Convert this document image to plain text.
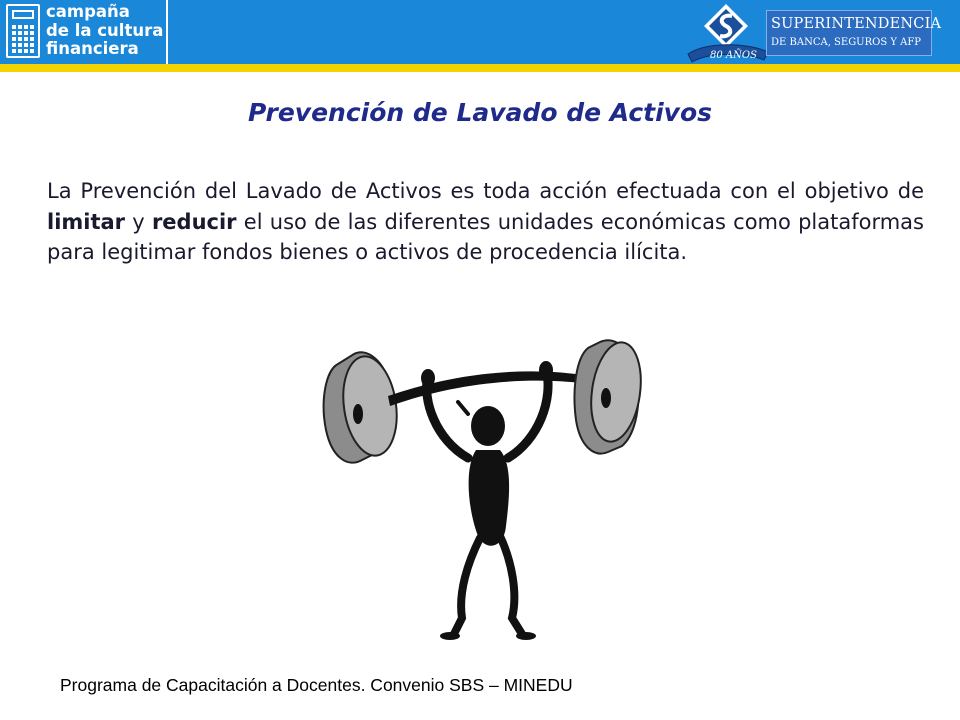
campaña
de la cultura
financiera	80 AÑOS
SUPERINTENDENCIA
DE BANCA, SEGUROS Y AFP
Prevención de Lavado de Activos

La Prevención del Lavado de Activos es toda acción efectuada con el objetivo de limitar y reducir el uso de las diferentes unidades económicas como plataformas para legitimar fondos bienes o activos de procedencia ilícita.

Programa de Capacitación a Docentes. Convenio SBS – MINEDU
